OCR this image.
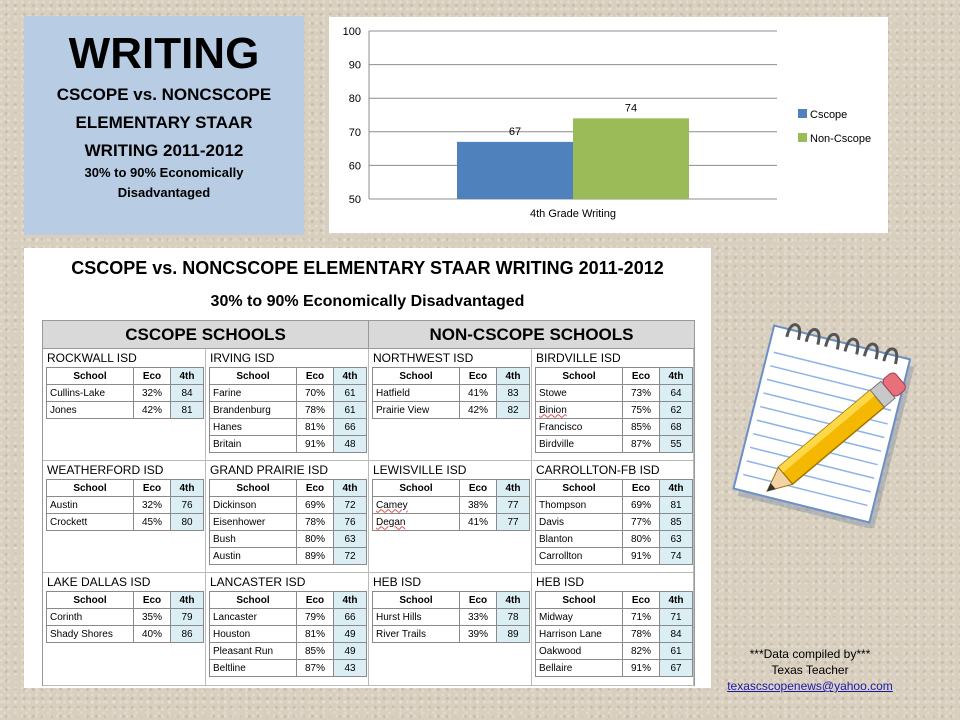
WRITING
CSCOPE vs. NONCSCOPE
ELEMENTARY STAAR
WRITING 2011-2012
30% to 90% Economically
Disadvantaged	50
60
70
80
90
100
67
74
4th Grade Writing
Cscope
Non-Cscope
CSCOPE vs. NONCSCOPE ELEMENTARY STAAR WRITING 2011-2012
30% to 90% Economically Disadvantaged
CSCOPE SCHOOLS	NON-CSCOPE SCHOOLS
ROCKWALL ISD
School	Eco	4th
Cullins-Lake	32%	84
Jones	42%	81
IRVING ISD
School	Eco	4th
Farine	70%	61
Brandenburg	78%	61
Hanes	81%	66
Britain	91%	48
NORTHWEST ISD
School	Eco	4th
Hatfield	41%	83
Prairie View	42%	82
BIRDVILLE ISD
School	Eco	4th
Stowe	73%	64
Binion	75%	62
Francisco	85%	68
Birdville	87%	55
WEATHERFORD ISD
School	Eco	4th
Austin	32%	76
Crockett	45%	80
GRAND PRAIRIE ISD
School	Eco	4th
Dickinson	69%	72
Eisenhower	78%	76
Bush	80%	63
Austin	89%	72
LEWISVILLE ISD
School	Eco	4th
Camey	38%	77
Degan	41%	77
CARROLLTON-FB ISD
School	Eco	4th
Thompson	69%	81
Davis	77%	85
Blanton	80%	63
Carrollton	91%	74
LAKE DALLAS ISD
School	Eco	4th
Corinth	35%	79
Shady Shores	40%	86
LANCASTER ISD
School	Eco	4th
Lancaster	79%	66
Houston	81%	49
Pleasant Run	85%	49
Beltline	87%	43
HEB ISD
School	Eco	4th
Hurst Hills	33%	78
River Trails	39%	89
HEB ISD
School	Eco	4th
Midway	71%	71
Harrison Lane	78%	84
Oakwood	82%	61
Bellaire	91%	67
***Data compiled by***
Texas Teacher
texascscopenews@yahoo.com
